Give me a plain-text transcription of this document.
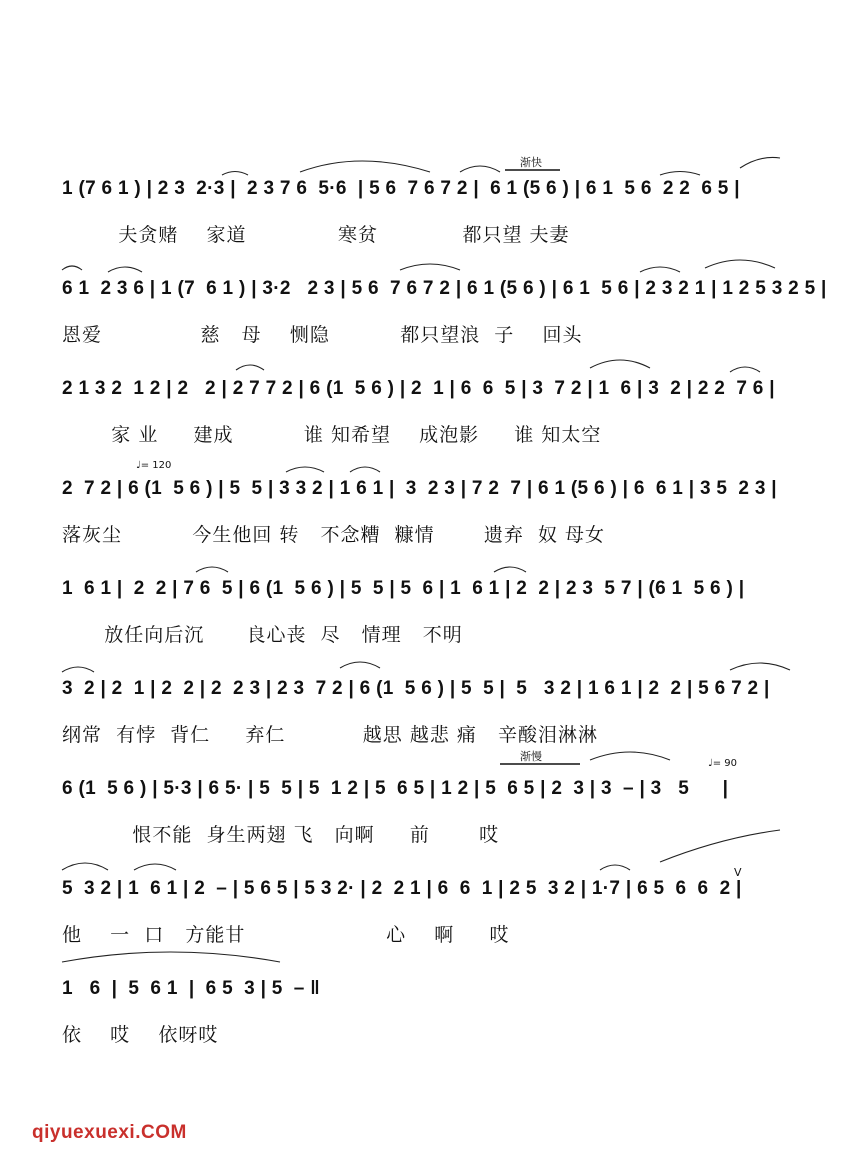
渐快
1 (7 6 1 ) | 2 3  2·3 |  2 3 7 6  5·6  | 5 6  7 6 7 2 |  6 1 (5 6 ) | 6 1  5 6  2 2  6 5 |
夫贪赌    家道             寒贫            都只望 夫妻
6 1  2 3 6 | 1 (7  6 1 ) | 3·2   2 3 | 5 6  7 6 7 2 | 6 1 (5 6 ) | 6 1  5 6 | 2 3 2 1 | 1 2 5 3 2 5 |
恩爱              慈   母    恻隐          都只望浪  子    回头
2 1 3 2  1 2 | 2   2 | 2 7 7 2 | 6 (1  5 6 ) | 2  1 | 6  6  5 | 3  7 2 | 1  6 | 3  2 | 2 2  7 6 |
家 业     建成          谁 知希望    成泡影     谁 知太空
♩= 120
2  7 2 | 6 (1  5 6 ) | 5  5 | 3 3 2 | 1 6 1 |  3  2 3 | 7 2  7 | 6 1 (5 6 ) | 6  6 1 | 3 5  2 3 |
落灰尘          今生他回 转   不念糟  糠情       遗弃  奴 母女
1  6 1 |  2  2 | 7 6  5 | 6 (1  5 6 ) | 5  5 | 5  6 | 1  6 1 | 2  2 | 2 3  5 7 | (6 1  5 6 ) |
放任向后沉      良心丧  尽   情理   不明
3  2 | 2  1 | 2  2 | 2  2 3 | 2 3  7 2 | 6 (1  5 6 ) | 5  5 |  5   3 2 | 1 6 1 | 2  2 | 5 6 7 2 |
纲常  有悖  背仁     弃仁           越思 越悲 痛   辛酸泪淋淋
渐慢
♩= 90
6 (1  5 6 ) | 5·3 | 6 5· | 5  5 | 5  1 2 | 5  6 5 | 1 2 | 5  6 5 | 2  3 | 3  – | 3   5      |
恨不能  身生两翅 飞   向啊     前       哎
V
5  3 2 | 1  6 1 | 2  – | 5 6 5 | 5 3 2· | 2  2 1 | 6  6  1 | 2 5  3 2 | 1·7 | 6 5  6  6  2 |
他    一  口   方能甘                    心    啊     哎
1   6  |  5  6 1  |  6 5  3 | 5  – ‖
依    哎    依呀哎
qiyuexuexi.COM
